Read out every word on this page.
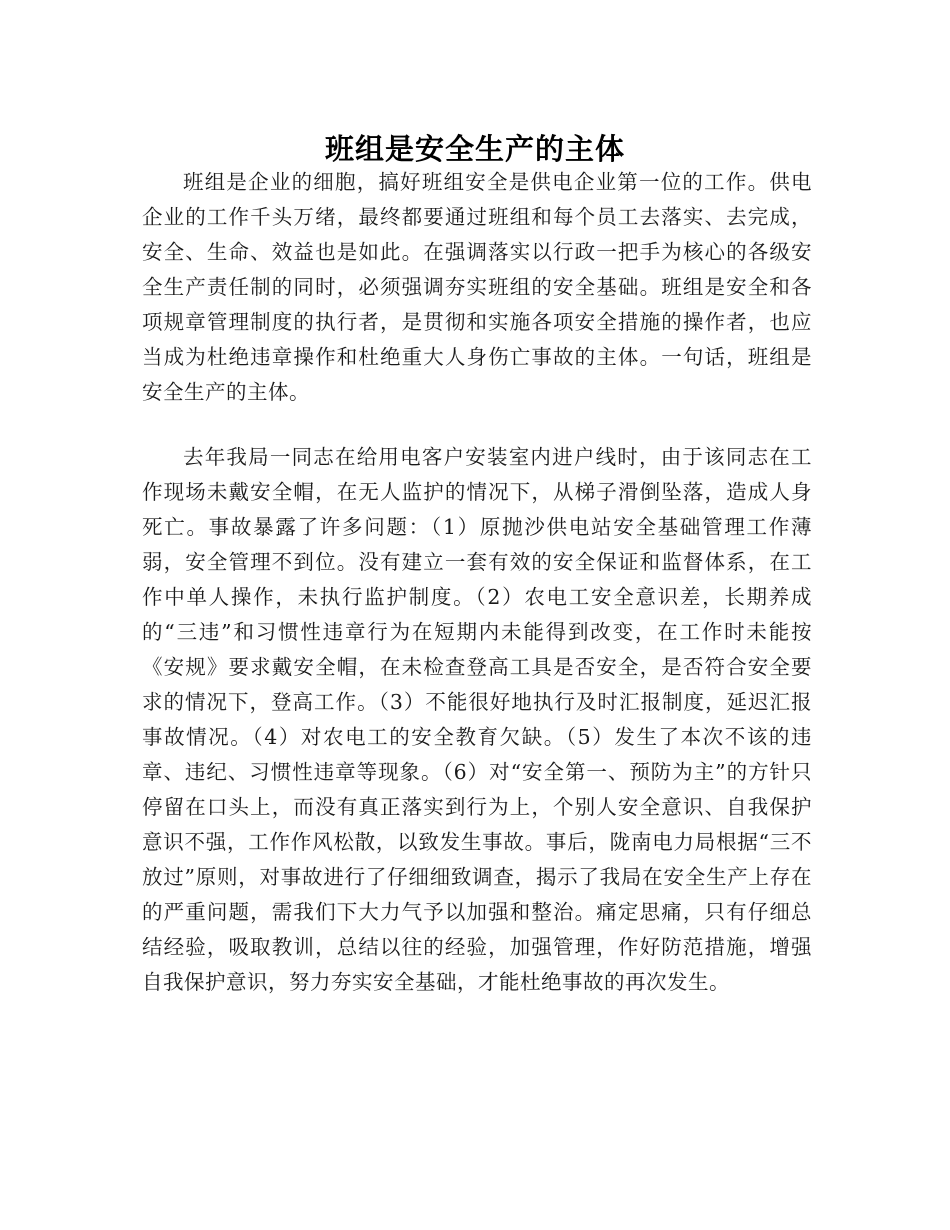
班组是安全生产的主体

班组是企业的细胞，搞好班组安全是供电企业第一位的工作。供电企业的工作千头万绪，最终都要通过班组和每个员工去落实、去完成，安全、生命、效益也是如此。在强调落实以行政一把手为核心的各级安全生产责任制的同时，必须强调夯实班组的安全基础。班组是安全和各项规章管理制度的执行者，是贯彻和实施各项安全措施的操作者，也应当成为杜绝违章操作和杜绝重大人身伤亡事故的主体。一句话，班组是安全生产的主体。

去年我局一同志在给用电客户安装室内进户线时，由于该同志在工作现场未戴安全帽，在无人监护的情况下，从梯子滑倒坠落，造成人身死亡。事故暴露了许多问题：（1）原抛沙供电站安全基础管理工作薄弱，安全管理不到位。没有建立一套有效的安全保证和监督体系，在工作中单人操作，未执行监护制度。（2）农电工安全意识差，长期养成的“三违”和习惯性违章行为在短期内未能得到改变，在工作时未能按《安规》要求戴安全帽，在未检查登高工具是否安全，是否符合安全要求的情况下，登高工作。（3）不能很好地执行及时汇报制度，延迟汇报事故情况。（4）对农电工的安全教育欠缺。（5）发生了本次不该的违章、违纪、习惯性违章等现象。（6）对“安全第一、预防为主”的方针只停留在口头上，而没有真正落实到行为上，个别人安全意识、自我保护意识不强，工作作风松散，以致发生事故。事后，陇南电力局根据“三不放过”原则，对事故进行了仔细细致调查，揭示了我局在安全生产上存在的严重问题，需我们下大力气予以加强和整治。痛定思痛，只有仔细总结经验，吸取教训，总结以往的经验，加强管理，作好防范措施，增强自我保护意识，努力夯实安全基础，才能杜绝事故的再次发生。
